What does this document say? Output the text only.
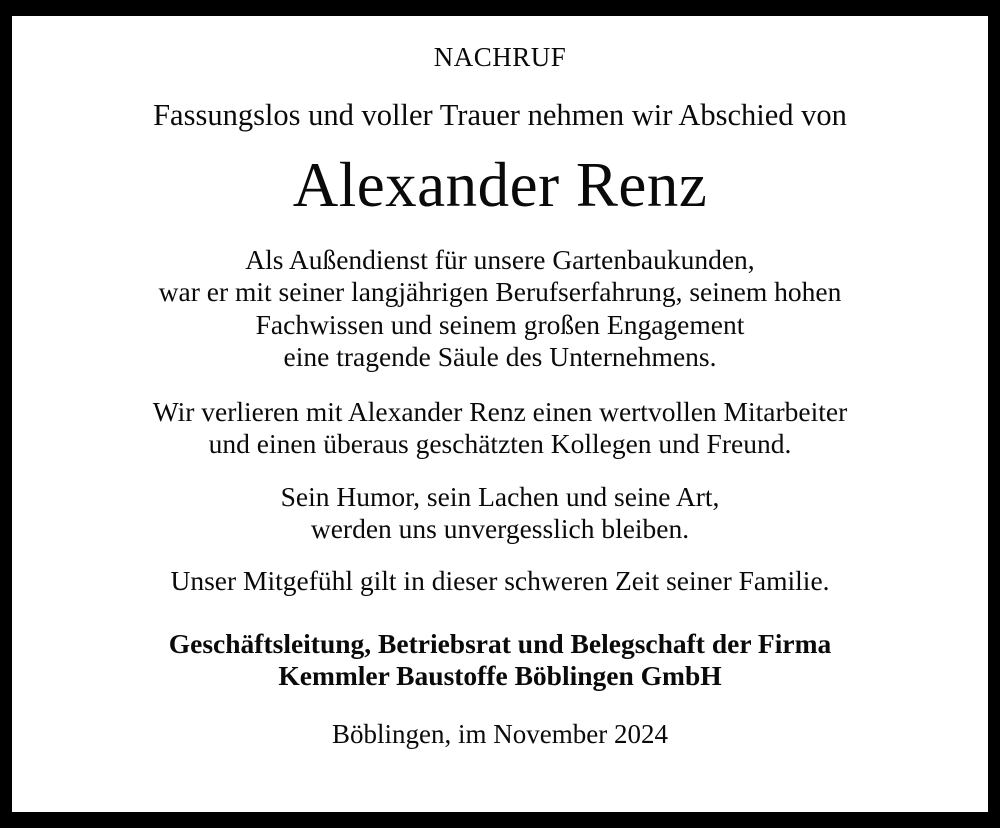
NACHRUF
Fassungslos und voller Trauer nehmen wir Abschied von
Alexander Renz
Als Außendienst für unsere Gartenbaukunden,
war er mit seiner langjährigen Berufserfahrung, seinem hohen
Fachwissen und seinem großen Engagement
eine tragende Säule des Unternehmens.
Wir verlieren mit Alexander Renz einen wertvollen Mitarbeiter
und einen überaus geschätzten Kollegen und Freund.
Sein Humor, sein Lachen und seine Art,
werden uns unvergesslich bleiben.
Unser Mitgefühl gilt in dieser schweren Zeit seiner Familie.
Geschäftsleitung, Betriebsrat und Belegschaft der Firma
Kemmler Baustoffe Böblingen GmbH
Böblingen, im November 2024
